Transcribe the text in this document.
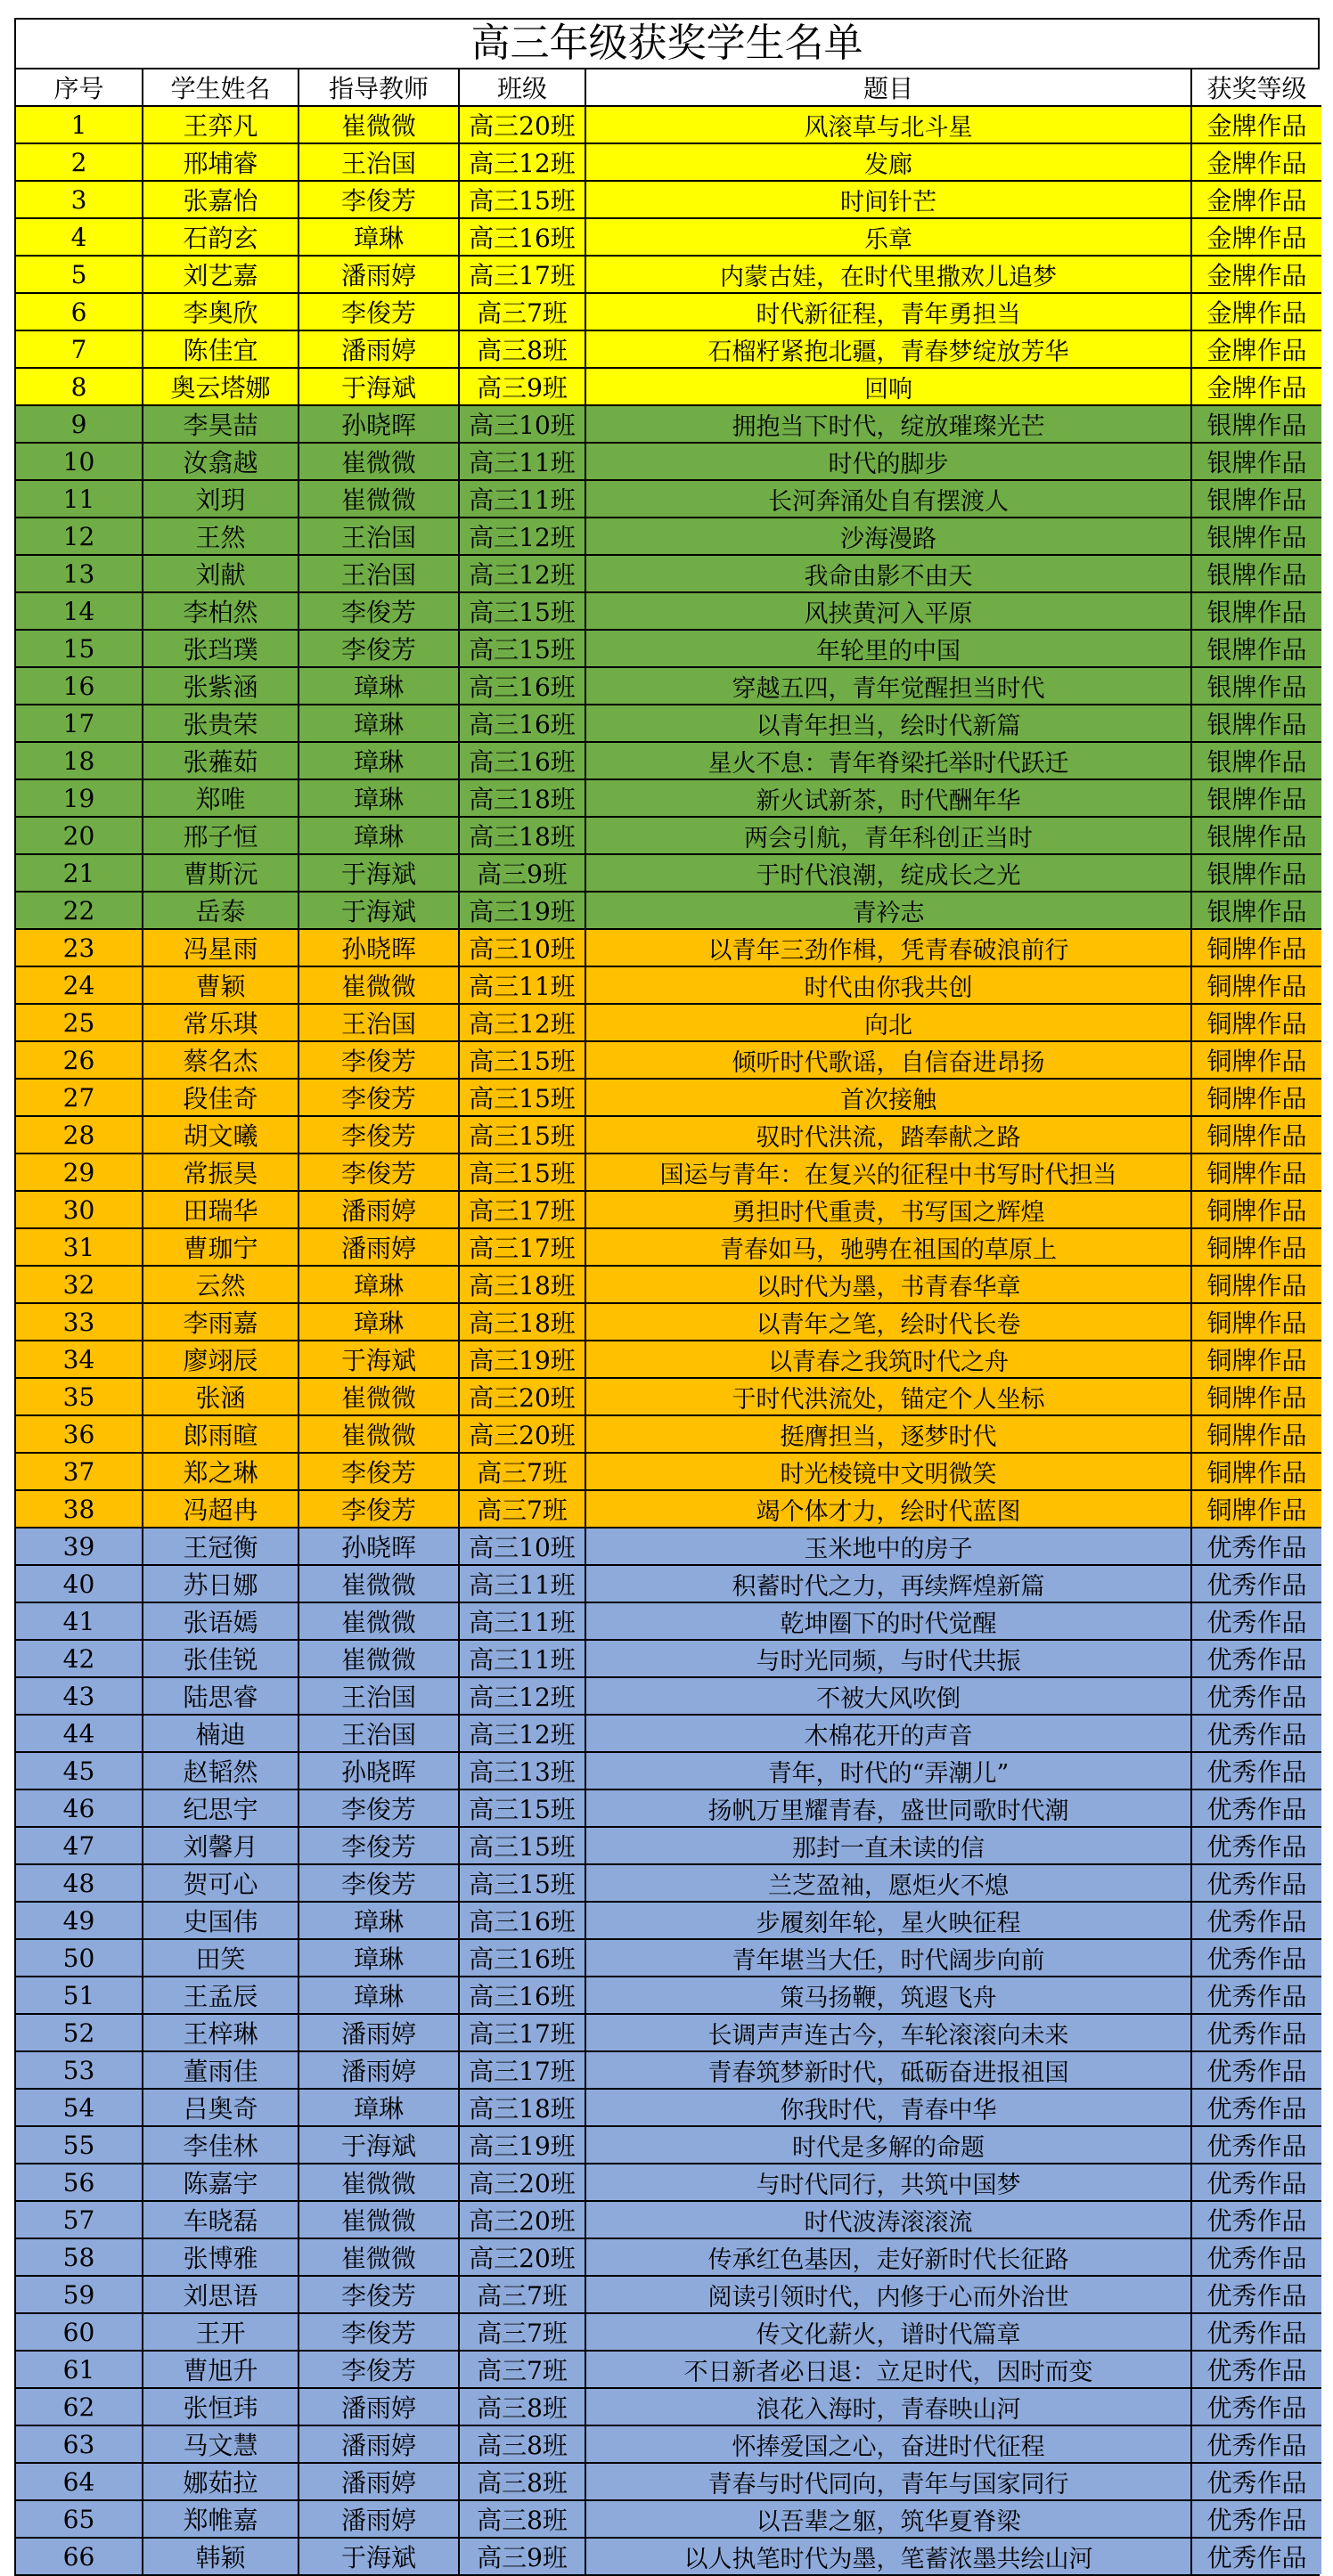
高三年级获奖学生名单
序号	学生姓名	指导教师	班级	题目	获奖等级
1	王弈凡	崔微微	高三20班	风滚草与北斗星	金牌作品
2	邢埔睿	王治国	高三12班	发廊	金牌作品
3	张嘉怡	李俊芳	高三15班	时间针芒	金牌作品
4	石韵玄	璋琳	高三16班	乐章	金牌作品
5	刘艺嘉	潘雨婷	高三17班	内蒙古娃，在时代里撒欢儿追梦	金牌作品
6	李奥欣	李俊芳	高三7班	时代新征程，青年勇担当	金牌作品
7	陈佳宜	潘雨婷	高三8班	石榴籽紧抱北疆，青春梦绽放芳华	金牌作品
8	奥云塔娜	于海斌	高三9班	回响	金牌作品
9	李昊喆	孙晓晖	高三10班	拥抱当下时代，绽放璀璨光芒	银牌作品
10	汝翕越	崔微微	高三11班	时代的脚步	银牌作品
11	刘玥	崔微微	高三11班	长河奔涌处自有摆渡人	银牌作品
12	王然	王治国	高三12班	沙海漫路	银牌作品
13	刘献	王治国	高三12班	我命由影不由天	银牌作品
14	李柏然	李俊芳	高三15班	风挟黄河入平原	银牌作品
15	张珰璞	李俊芳	高三15班	年轮里的中国	银牌作品
16	张紫涵	璋琳	高三16班	穿越五四，青年觉醒担当时代	银牌作品
17	张贵荣	璋琳	高三16班	以青年担当，绘时代新篇	银牌作品
18	张蕥茹	璋琳	高三16班	星火不息：青年脊梁托举时代跃迁	银牌作品
19	郑唯	璋琳	高三18班	新火试新茶，时代酬年华	银牌作品
20	邢子恒	璋琳	高三18班	两会引航，青年科创正当时	银牌作品
21	曹斯沅	于海斌	高三9班	于时代浪潮，绽成长之光	银牌作品
22	岳泰	于海斌	高三19班	青衿志	银牌作品
23	冯星雨	孙晓晖	高三10班	以青年三劲作楫，凭青春破浪前行	铜牌作品
24	曹颖	崔微微	高三11班	时代由你我共创	铜牌作品
25	常乐琪	王治国	高三12班	向北	铜牌作品
26	蔡名杰	李俊芳	高三15班	倾听时代歌谣，自信奋进昂扬	铜牌作品
27	段佳奇	李俊芳	高三15班	首次接触	铜牌作品
28	胡文曦	李俊芳	高三15班	驭时代洪流，踏奉献之路	铜牌作品
29	常振昊	李俊芳	高三15班	国运与青年：在复兴的征程中书写时代担当	铜牌作品
30	田瑞华	潘雨婷	高三17班	勇担时代重责，书写国之辉煌	铜牌作品
31	曹珈宁	潘雨婷	高三17班	青春如马，驰骋在祖国的草原上	铜牌作品
32	云然	璋琳	高三18班	以时代为墨，书青春华章	铜牌作品
33	李雨嘉	璋琳	高三18班	以青年之笔，绘时代长卷	铜牌作品
34	廖翊辰	于海斌	高三19班	以青春之我筑时代之舟	铜牌作品
35	张涵	崔微微	高三20班	于时代洪流处，锚定个人坐标	铜牌作品
36	郎雨暄	崔微微	高三20班	挺膺担当，逐梦时代	铜牌作品
37	郑之琳	李俊芳	高三7班	时光棱镜中文明微笑	铜牌作品
38	冯超冉	李俊芳	高三7班	竭个体才力，绘时代蓝图	铜牌作品
39	王冠衡	孙晓晖	高三10班	玉米地中的房子	优秀作品
40	苏日娜	崔微微	高三11班	积蓄时代之力，再续辉煌新篇	优秀作品
41	张语嫣	崔微微	高三11班	乾坤圈下的时代觉醒	优秀作品
42	张佳锐	崔微微	高三11班	与时光同频，与时代共振	优秀作品
43	陆思睿	王治国	高三12班	不被大风吹倒	优秀作品
44	楠迪	王治国	高三12班	木棉花开的声音	优秀作品
45	赵韬然	孙晓晖	高三13班	青年，时代的“弄潮儿”	优秀作品
46	纪思宇	李俊芳	高三15班	扬帆万里耀青春，盛世同歌时代潮	优秀作品
47	刘馨月	李俊芳	高三15班	那封一直未读的信	优秀作品
48	贺可心	李俊芳	高三15班	兰芝盈袖，愿炬火不熄	优秀作品
49	史国伟	璋琳	高三16班	步履刻年轮，星火映征程	优秀作品
50	田笑	璋琳	高三16班	青年堪当大任，时代阔步向前	优秀作品
51	王孟辰	璋琳	高三16班	策马扬鞭，筑遐飞舟	优秀作品
52	王梓琳	潘雨婷	高三17班	长调声声连古今，车轮滚滚向未来	优秀作品
53	董雨佳	潘雨婷	高三17班	青春筑梦新时代，砥砺奋进报祖国	优秀作品
54	吕奥奇	璋琳	高三18班	你我时代，青春中华	优秀作品
55	李佳林	于海斌	高三19班	时代是多解的命题	优秀作品
56	陈嘉宇	崔微微	高三20班	与时代同行，共筑中国梦	优秀作品
57	车晓磊	崔微微	高三20班	时代波涛滚滚流	优秀作品
58	张博雅	崔微微	高三20班	传承红色基因，走好新时代长征路	优秀作品
59	刘思语	李俊芳	高三7班	阅读引领时代，内修于心而外治世	优秀作品
60	王开	李俊芳	高三7班	传文化薪火，谱时代篇章	优秀作品
61	曹旭升	李俊芳	高三7班	不日新者必日退：立足时代，因时而变	优秀作品
62	张恒玮	潘雨婷	高三8班	浪花入海时，青春映山河	优秀作品
63	马文慧	潘雨婷	高三8班	怀捧爱国之心，奋进时代征程	优秀作品
64	娜茹拉	潘雨婷	高三8班	青春与时代同向，青年与国家同行	优秀作品
65	郑帷嘉	潘雨婷	高三8班	以吾辈之躯，筑华夏脊梁	优秀作品
66	韩颖	于海斌	高三9班	以人执笔时代为墨，笔蓄浓墨共绘山河	优秀作品
